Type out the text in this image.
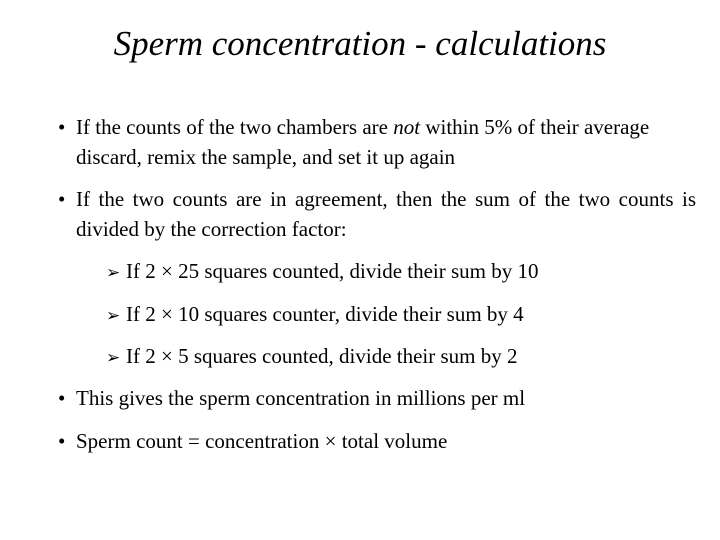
Sperm concentration - calculations
• If the counts of the two chambers are not within 5% of their average discard, remix the sample, and set it up again
• If the two counts are in agreement, then the sum of the two counts is divided by the correction factor:
➢ If 2 × 25 squares counted, divide their sum by 10
➢ If 2 × 10 squares counter, divide their sum by 4
➢ If 2 × 5 squares counted, divide their sum by 2
• This gives the sperm concentration in millions per ml
• Sperm count = concentration × total volume
